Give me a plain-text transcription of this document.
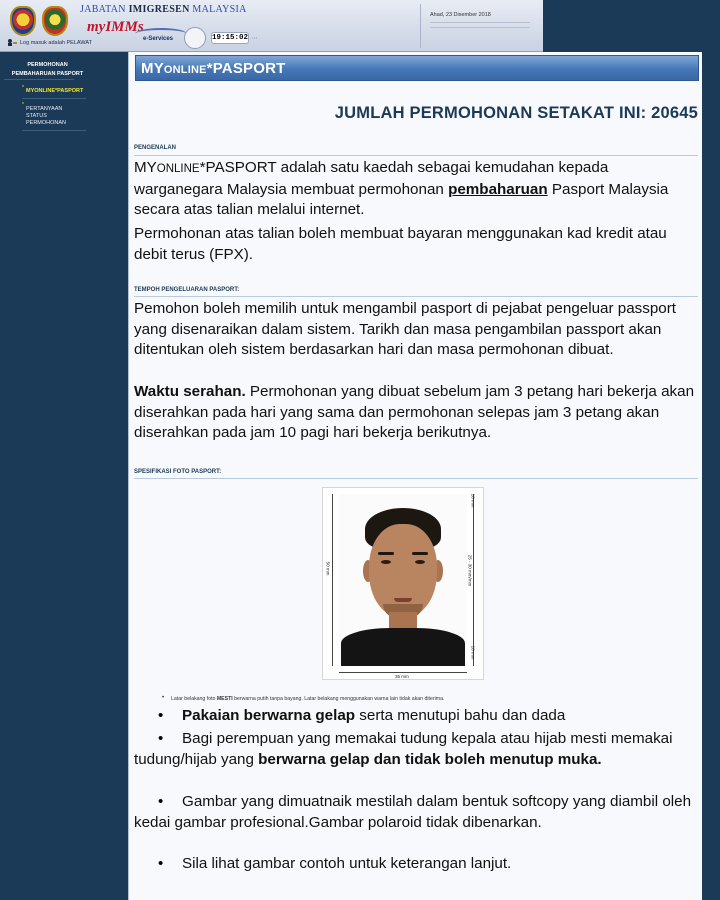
JABATAN IMIGRESEN MALAYSIA
myIMMs
e-Services	19:15:02 ⋯
Log masuk adalah PELAWAT
Ahad, 23 Disember 2018
PERMOHONAN
PEMBAHARUAN PASPORT
* MYONLINE*PASPORT
*
PERTANYAAN
STATUS
PERMOHONAN
MYONLINE*PASPORT
JUMLAH PERMOHONAN SETAKAT INI: 20645
PENGENALAN
MYONLINE*PASPORT adalah satu kaedah sebagai kemudahan kepada warganegara Malaysia membuat permohonan pembaharuan Pasport Malaysia secara atas talian melalui internet.
Permohonan atas talian boleh membuat bayaran menggunakan kad kredit atau debit terus (FPX).
TEMPOH PENGELUARAN PASPORT:
Pemohon boleh memilih untuk mengambil pasport di pejabat pengeluar passport yang disenaraikan dalam sistem. Tarikh dan masa pengambilan passport akan ditentukan oleh sistem berdasarkan hari dan masa permohonan dibuat.
Waktu serahan. Permohonan yang dibuat sebelum jam 3 petang hari bekerja akan diserahkan pada hari yang sama dan permohonan selepas jam 3 petang akan diserahkan pada jam 10 pagi hari bekerja berikutnya.
SPESIFIKASI FOTO PASPORT:
50 mm
10 mm
25 - 30 mm/mm
10 mm
35 mm
• Latar belakang foto MESTI berwarna putih tanpa bayang. Latar belakang menggunakan warna lain tidak akan diterima.
•	Pakaian berwarna gelap serta menutupi bahu dan dada
•	Bagi perempuan yang memakai tudung kepala atau hijab mesti memakai tudung/hijab yang berwarna gelap dan tidak boleh menutup muka.
•	Gambar yang dimuatnaik mestilah dalam bentuk softcopy yang diambil oleh kedai gambar profesional.Gambar polaroid tidak dibenarkan.
•	Sila lihat gambar contoh untuk keterangan lanjut.
